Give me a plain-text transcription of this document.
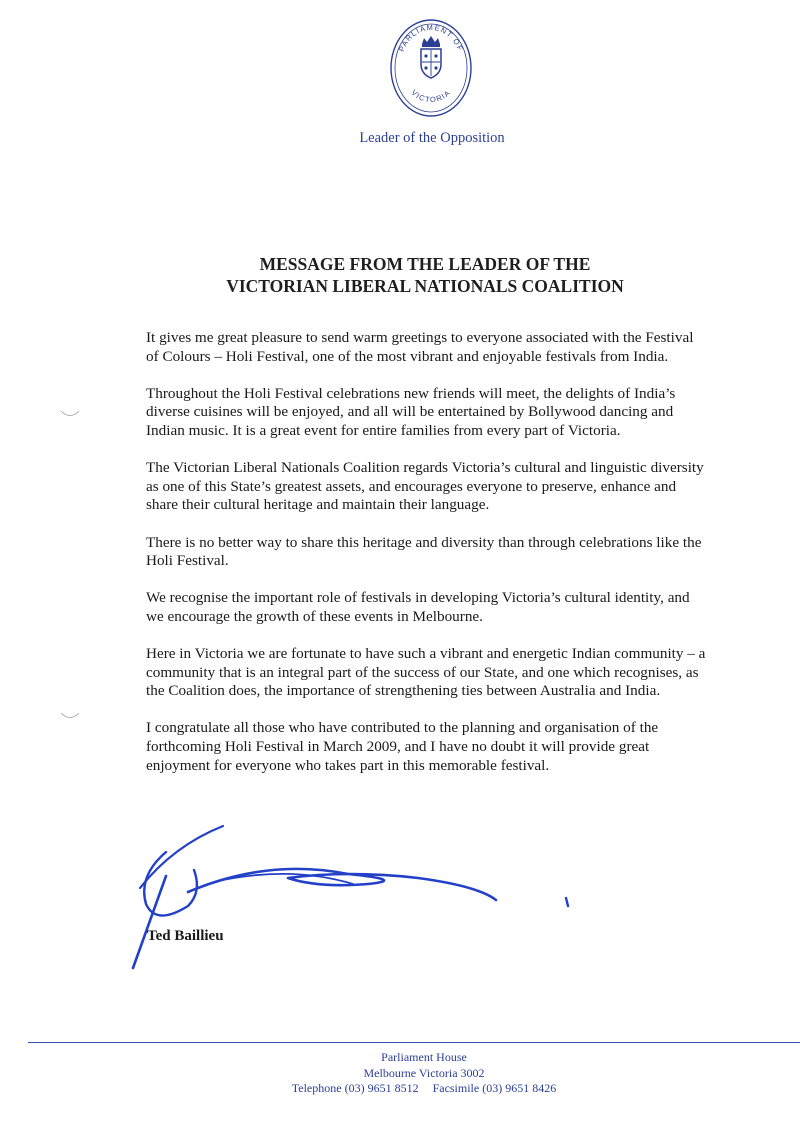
PARLIAMENT OF
VICTORIA
Leader of the Opposition
MESSAGE FROM THE LEADER OF THE
VICTORIAN LIBERAL NATIONALS COALITION

It gives me great pleasure to send warm greetings to everyone associated with the Festival of Colours – Holi Festival, one of the most vibrant and enjoyable festivals from India.

Throughout the Holi Festival celebrations new friends will meet, the delights of India’s diverse cuisines will be enjoyed, and all will be entertained by Bollywood dancing and Indian music. It is a great event for entire families from every part of Victoria.

The Victorian Liberal Nationals Coalition regards Victoria’s cultural and linguistic diversity as one of this State’s greatest assets, and encourages everyone to preserve, enhance and share their cultural heritage and maintain their language.

There is no better way to share this heritage and diversity than through celebrations like the Holi Festival.

We recognise the important role of festivals in developing Victoria’s cultural identity, and we encourage the growth of these events in Melbourne.

Here in Victoria we are fortunate to have such a vibrant and energetic Indian community – a community that is an integral part of the success of our State, and one which recognises, as the Coalition does, the importance of strengthening ties between Australia and India.

I congratulate all those who have contributed to the planning and organisation of the forthcoming Holi Festival in March 2009, and I have no doubt it will provide great enjoyment for everyone who takes part in this memorable festival.

Ted Baillieu
Parliament House
Melbourne Victoria 3002
Telephone (03) 9651 8512 Facsimile (03) 9651 8426
